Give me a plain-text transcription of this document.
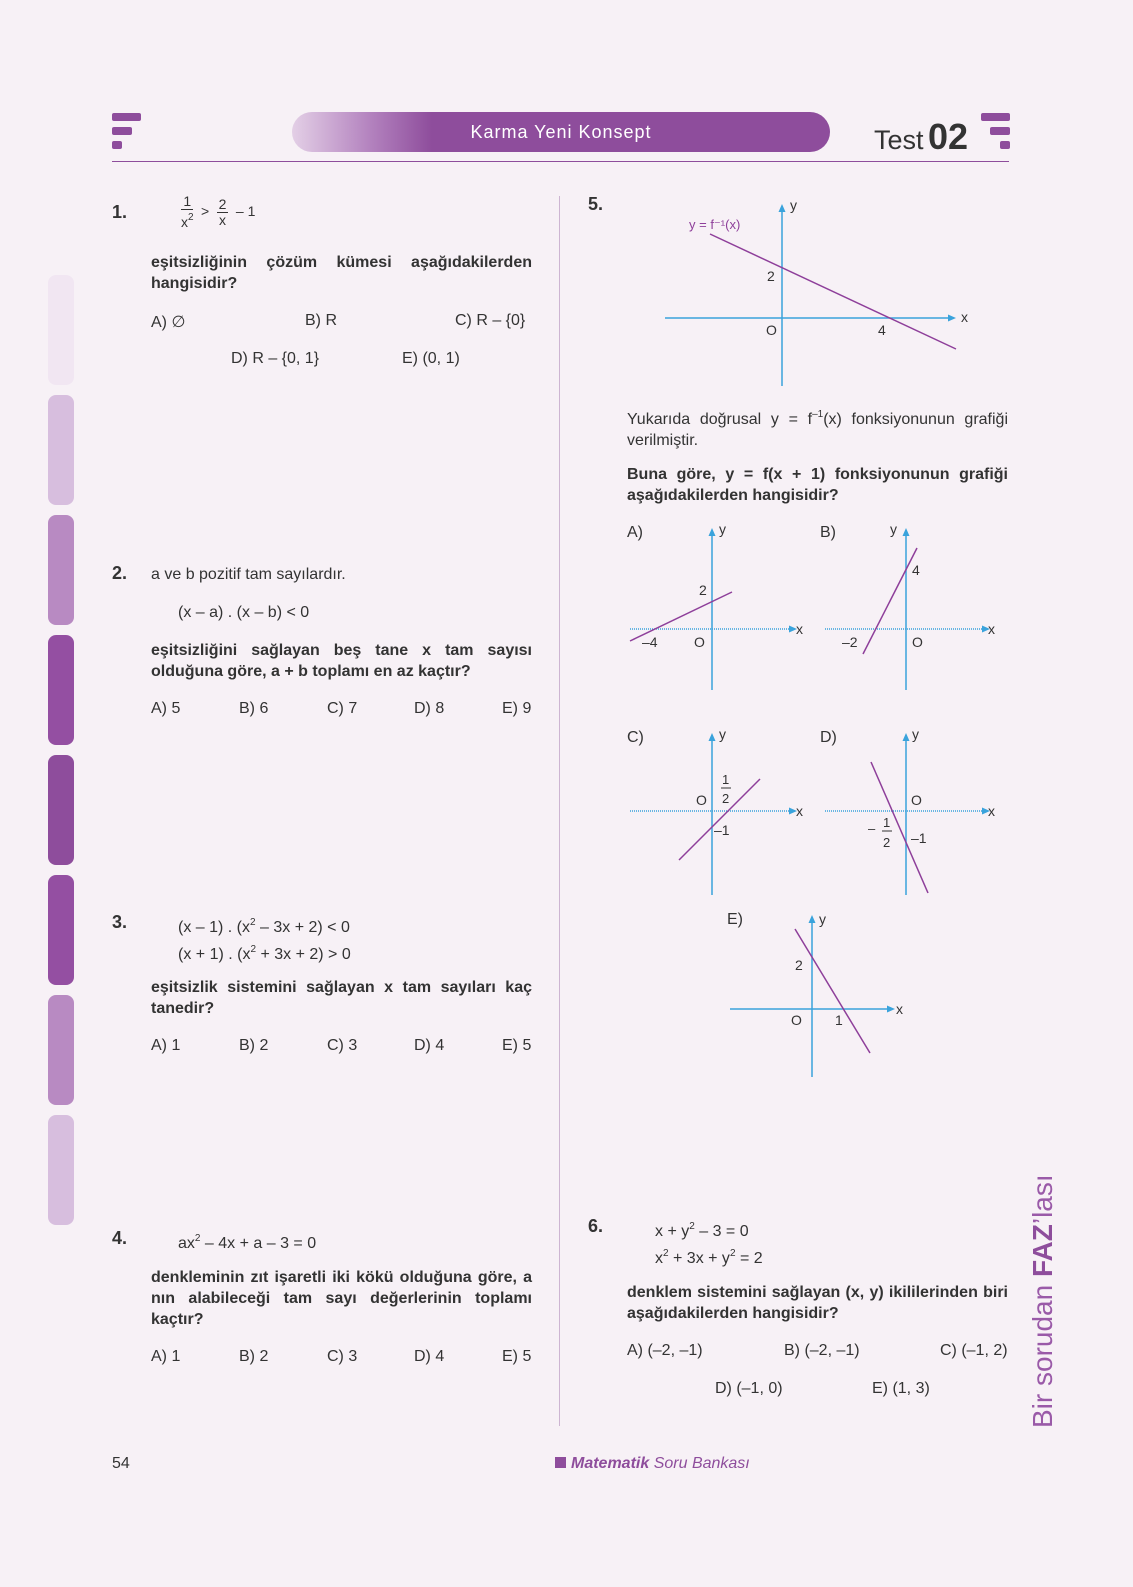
Karma Yeni Konsept	Test 02
1.	$\frac{1}{x^2} > \frac{2}{x} - 1$
eşitsizliğinin çözüm kümesi aşağıdakilerden hangisidir?
A) ∅	B) R	C) R – {0}
D) R – {0, 1}	E) (0, 1)
2. a ve b pozitif tam sayılardır.
(x – a) . (x – b) < 0
eşitsizliğini sağlayan beş tane x tam sayısı olduğuna göre, a + b toplamı en az kaçtır?
A) 5	B) 6	C) 7	D) 8	E) 9
3.	(x – 1) . $(x^2 - 3x + 2) < 0$
(x + 1) . $(x^2 + 3x + 2) > 0$
eşitsizlik sistemini sağlayan x tam sayıları kaç tanedir?
A) 1	B) 2	C) 3	D) 4	E) 5
4.	$ax^2 - 4x + a - 3 = 0$
denkleminin zıt işaretli iki kökü olduğuna göre, a nın alabileceği tam sayı değerlerinin toplamı kaçtır?
A) 1	B) 2	C) 3	D) 4	E) 5
5.
y = f⁻¹(x)
y
x
O
2
4
Yukarıda doğrusal $y = f^{-1}(x)$ fonksiyonunun grafiği verilmiştir.
Buna göre, y = f(x + 1) fonksiyonunun grafiği aşağıdakilerden hangisidir?
A)	y
x
2
–4	O
B)	y
x
4
–2	O
C)	y
x
O
1
2
–1
D)	y
x
O
– 1
2 –1
E)	y
x
2
O 1
6.	$x + y^2 - 3 = 0$
$x^2 + 3x + y^2 = 2$
denklem sistemini sağlayan (x, y) ikililerinden biri aşağıdakilerden hangisidir?
A) (–2, –1)	B) (–2, –1)	C) (–1, 2)
D) (–1, 0)	E) (1, 3)	Bir sorudan FAZ’lası
54	Matematik Soru Bankası
